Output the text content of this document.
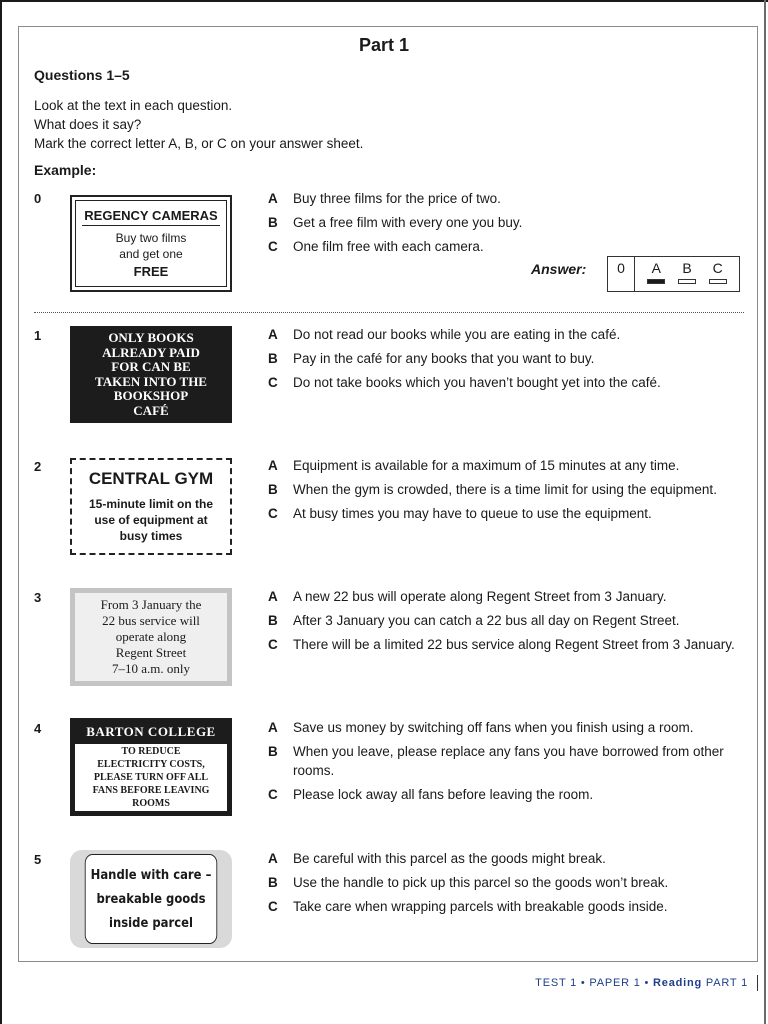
Part 1
Questions 1–5
Look at the text in each question.
What does it say?
Mark the correct letter A, B, or C on your answer sheet.
Example:
0
REGENCY CAMERAS
Buy two films
and get one
FREE
A	Buy three films for the price of two.
B	Get a free film with every one you buy.
C	One film free with each camera.
Answer:	0	A B C
1	ONLY BOOKS
ALREADY PAID
FOR CAN BE
TAKEN INTO THE
BOOKSHOP
CAFÉ
A	Do not read our books while you are eating in the café.
B	Pay in the café for any books that you want to buy.
C	Do not take books which you haven’t bought yet into the café.
2
CENTRAL GYM
15-minute limit on the
use of equipment at
busy times
A	Equipment is available for a maximum of 15 minutes at any time.
B	When the gym is crowded, there is a time limit for using the equipment.
C	At busy times you may have to queue to use the equipment.
3	From 3 January the
22 bus service will
operate along
Regent Street
7–10 a.m. only
A	A new 22 bus will operate along Regent Street from 3 January.
B	After 3 January you can catch a 22 bus all day on Regent Street.
C	There will be a limited 22 bus service along Regent Street from 3 January.
4	BARTON COLLEGE
TO REDUCE
ELECTRICITY COSTS,
PLEASE TURN OFF ALL
FANS BEFORE LEAVING
ROOMS
A	Save us money by switching off fans when you finish using a room.
B	When you leave, please replace any fans you have borrowed from other rooms.
C	Please lock away all fans before leaving the room.
5
Handle with care –
breakable goods
inside parcel
A	Be careful with this parcel as the goods might break.
B	Use the handle to pick up this parcel so the goods won’t break.
C	Take care when wrapping parcels with breakable goods inside.
TEST 1 • PAPER 1 • Reading PART 1
